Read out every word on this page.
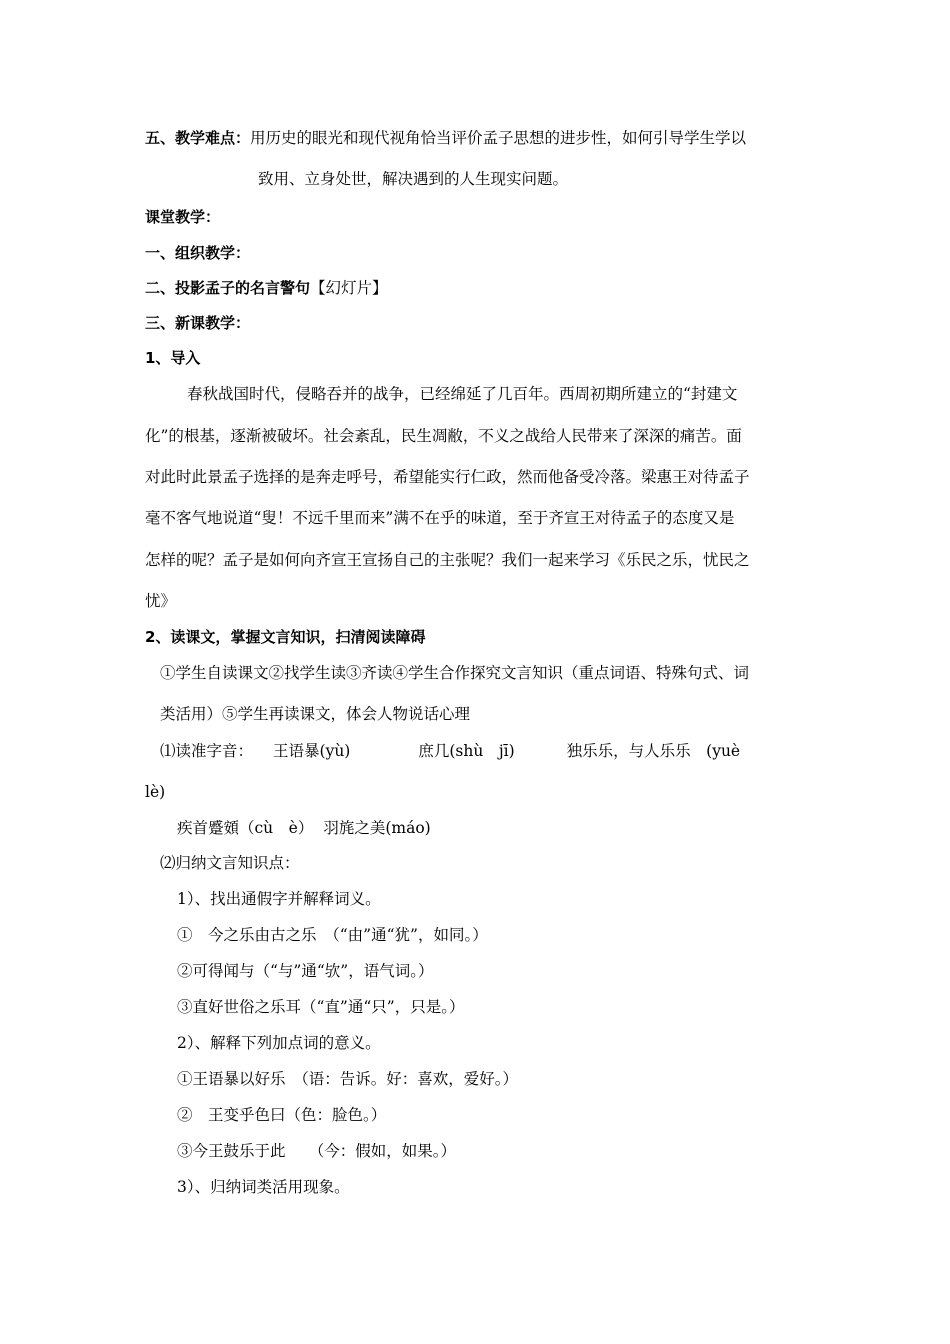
五、教学难点：用历史的眼光和现代视角恰当评价孟子思想的进步性，如何引导学生学以
致用、立身处世，解决遇到的人生现实问题。
课堂教学：
一、组织教学：
二、投影孟子的名言警句【幻灯片】
三、新课教学：
1、导入
春秋战国时代，侵略吞并的战争，已经绵延了几百年。西周初期所建立的“封建文
化”的根基，逐渐被破坏。社会紊乱，民生凋敝，不义之战给人民带来了深深的痛苦。面
对此时此景孟子选择的是奔走呼号，希望能实行仁政，然而他备受冷落。梁惠王对待孟子
毫不客气地说道“叟！不远千里而来”满不在乎的味道，至于齐宣王对待孟子的态度又是
怎样的呢？孟子是如何向齐宣王宣扬自己的主张呢？我们一起来学习《乐民之乐，忧民之
忧》
2、读课文，掌握文言知识，扫清阅读障碍
①学生自读课文②找学生读③齐读④学生合作探究文言知识（重点词语、特殊句式、词
类活用）⑤学生再读课文，体会人物说话心理
⑴读准字音： 王语暴(yù)	庶几(shù　jī)	独乐乐，与人乐乐　(yuè
lè)
疾首蹙頞（cù　è） 羽旄之美(máo)
⑵归纳文言知识点：
1）、找出通假字并解释词义。
①　今之乐由古之乐　（“由”通“犹”，如同。）
②可得闻与（“与”通“欤”，语气词。）
③直好世俗之乐耳（“直”通“只”，只是。）
2）、解释下列加点词的意义。
①王语暴以好乐　（语：告诉。好：喜欢，爱好。）
②　王变乎色曰（色：脸色。）
③今王鼓乐于此　　（今：假如，如果。）
3）、归纳词类活用现象。
